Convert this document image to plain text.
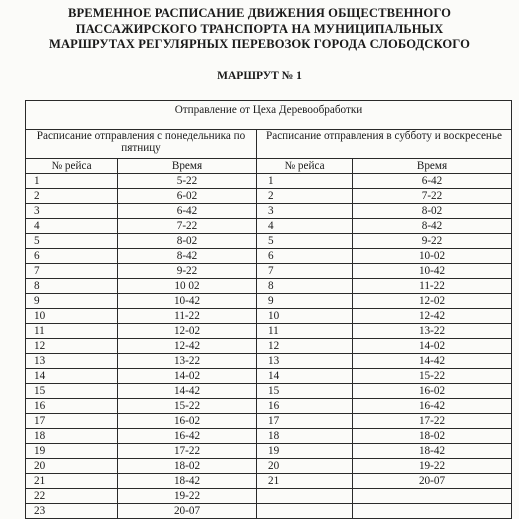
ВРЕМЕННОЕ РАСПИСАНИЕ ДВИЖЕНИЯ ОБЩЕСТВЕННОГО
ПАССАЖИРСКОГО ТРАНСПОРТА НА МУНИЦИПАЛЬНЫХ
МАРШРУТАХ РЕГУЛЯРНЫХ ПЕРЕВОЗОК ГОРОДА СЛОБОДСКОГО
МАРШРУТ № 1
Отправление от Цеха Деревообработки			
Расписание отправления с понедельника по пятницу		Расписание отправления в субботу и воскресенье	
№ рейса	Время	№ рейса	Время
1	5-22	1	6-42
2	6-02	2	7-22
3	6-42	3	8-02
4	7-22	4	8-42
5	8-02	5	9-22
6	8-42	6	10-02
7	9-22	7	10-42
8	10 02	8	11-22
9	10-42	9	12-02
10	11-22	10	12-42
11	12-02	11	13-22
12	12-42	12	14-02
13	13-22	13	14-42
14	14-02	14	15-22
15	14-42	15	16-02
16	15-22	16	16-42
17	16-02	17	17-22
18	16-42	18	18-02
19	17-22	19	18-42
20	18-02	20	19-22
21	18-42	21	20-07
22	19-22		
23	20-07		
